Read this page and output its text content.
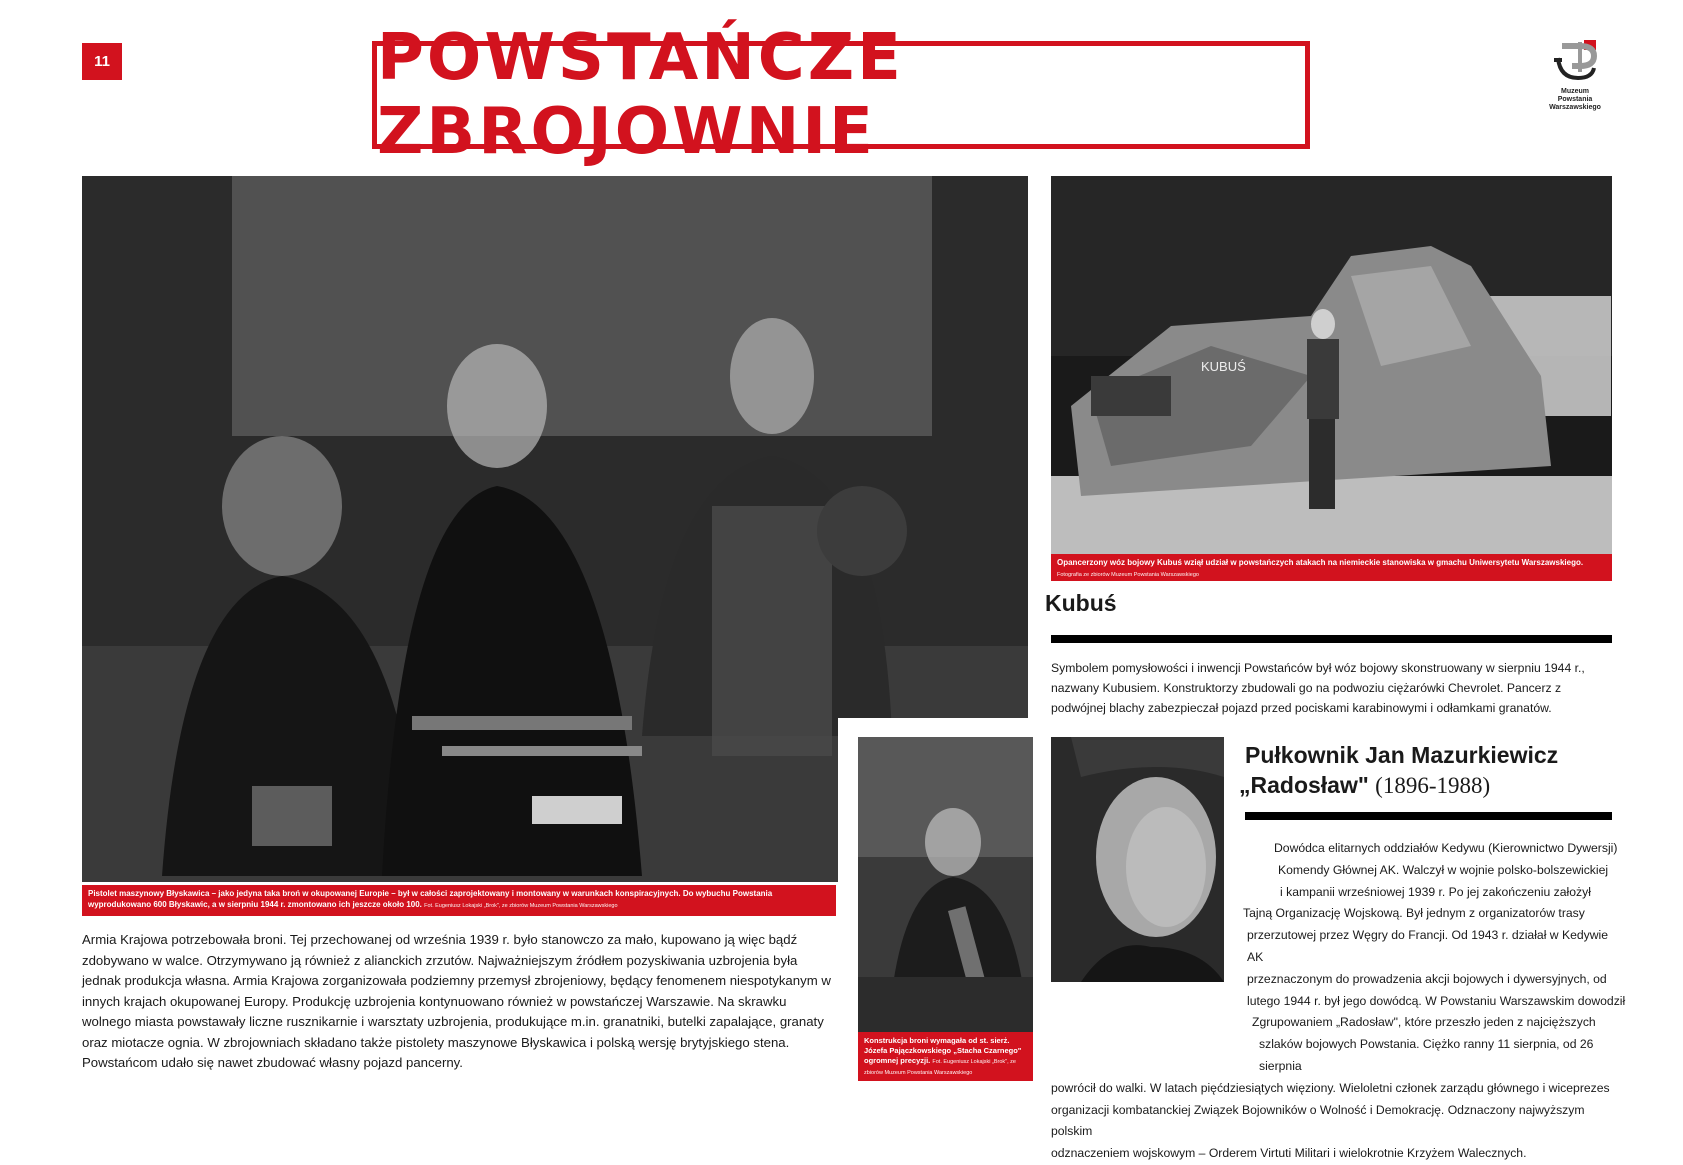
11	POWSTAŃCZE ZBROJOWNIE
Muzeum
Powstania
Warszawskiego
Pistolet maszynowy Błyskawica – jako jedyna taka broń w okupowanej Europie – był w całości zaprojektowany i montowany w warunkach konspiracyjnych. Do wybuchu Powstania wyprodukowano 600 Błyskawic, a w sierpniu 1944 r. zmontowano ich jeszcze około 100. Fot. Eugeniusz Lokajski „Brok", ze zbiorów Muzeum Powstania Warszawskiego
Armia Krajowa potrzebowała broni. Tej przechowanej od września 1939 r. było stanowczo za mało, kupowano ją więc bądź zdobywano w walce. Otrzymywano ją również z alianckich zrzutów. Najważniejszym źródłem pozyskiwania uzbrojenia była jednak produkcja własna. Armia Krajowa zorganizowała podziemny przemysł zbrojeniowy, będący fenomenem niespotykanym w innych krajach okupowanej Europy. Produkcję uzbrojenia kontynuowano również w powstańczej Warszawie. Na skrawku wolnego miasta powstawały liczne rusznikarnie i warsztaty uzbrojenia, produkujące m.in. granatniki, butelki zapalające, granaty oraz miotacze ognia. W zbrojowniach składano także pistolety maszynowe Błyskawica i polską wersję brytyjskiego stena. Powstańcom udało się nawet zbudować własny pojazd pancerny.
Konstrukcja broni wymagała od st. sierż. Józefa Pajączkowskiego „Stacha Czarnego" ogromnej precyzji. Fot. Eugeniusz Lokajski „Brok", ze zbiorów Muzeum Powstania Warszawskiego
KUBUŚ
Opancerzony wóz bojowy Kubuś wziął udział w powstańczych atakach na niemieckie stanowiska w gmachu Uniwersytetu Warszawskiego. Fotografia ze zbiorów Muzeum Powstania Warszawskiego
Kubuś
Symbolem pomysłowości i inwencji Powstańców był wóz bojowy skonstruowany w sierpniu 1944 r., nazwany Kubusiem. Konstruktorzy zbudowali go na podwoziu ciężarówki Chevrolet. Pancerz z podwójnej blachy zabezpieczał pojazd przed pociskami karabinowymi i odłamkami granatów.
Pułkownik Jan Mazurkiewicz
„Radosław" (1896-1988)
Dowódca elitarnych oddziałów Kedywu (Kierownictwo Dywersji)
Komendy Głównej AK. Walczył w wojnie polsko-bolszewickiej
i kampanii wrześniowej 1939 r. Po jej zakończeniu założył
Tajną Organizację Wojskową. Był jednym z organizatorów trasy
przerzutowej przez Węgry do Francji. Od 1943 r. działał w Kedywie AK
przeznaczonym do prowadzenia akcji bojowych i dywersyjnych, od
lutego 1944 r. był jego dowódcą. W Powstaniu Warszawskim dowodził
Zgrupowaniem „Radosław", które przeszło jeden z najcięższych
szlaków bojowych Powstania. Ciężko ranny 11 sierpnia, od 26 sierpnia
powrócił do walki. W latach pięćdziesiątych więziony. Wieloletni członek zarządu głównego i wiceprezes
organizacji kombatanckiej Związek Bojowników o Wolność i Demokrację. Odznaczony najwyższym polskim
odznaczeniem wojskowym – Orderem Virtuti Militari i wielokrotnie Krzyżem Walecznych.
